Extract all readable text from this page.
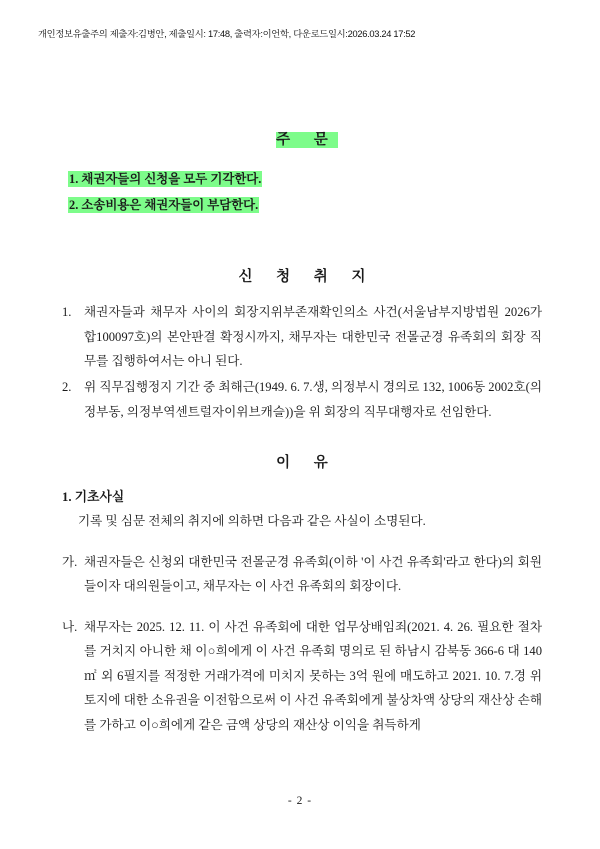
개인정보유출주의 제출자:김병안, 제출일시: 17:48, 출력자:이언학, 다운로드일시:2026.03.24 17:52
주 문
1. 채권자들의 신청을 모두 기각한다.
2. 소송비용은 채권자들이 부담한다.
신 청 취 지
1. 채권자들과 채무자 사이의 회장지위부존재확인의소 사건(서울남부지방법원 2026가합100097호)의 본안판결 확정시까지, 채무자는 대한민국 전몰군경 유족회의 회장 직무를 집행하여서는 아니 된다.
2. 위 직무집행정지 기간 중 최해근(1949. 6. 7.생, 의정부시 경의로 132, 1006동 2002호(의정부동, 의정부역센트럴자이위브캐슬))을 위 회장의 직무대행자로 선임한다.
이 유
1. 기초사실

기록 및 심문 전체의 취지에 의하면 다음과 같은 사실이 소명된다.

가. 채권자들은 신청외 대한민국 전몰군경 유족회(이하 '이 사건 유족회'라고 한다)의 회원들이자 대의원들이고, 채무자는 이 사건 유족회의 회장이다.

나. 채무자는 2025. 12. 11. 이 사건 유족회에 대한 업무상배임죄(2021. 4. 26. 필요한 절차를 거치지 아니한 채 이○희에게 이 사건 유족회 명의로 된 하남시 감북동 366-6 대 140㎡ 외 6필지를 적정한 거래가격에 미치지 못하는 3억 원에 매도하고 2021. 10. 7.경 위 토지에 대한 소유권을 이전함으로써 이 사건 유족회에게 불상차액 상당의 재산상 손해를 가하고 이○희에게 같은 금액 상당의 재산상 이익을 취득하게

- 2 -
